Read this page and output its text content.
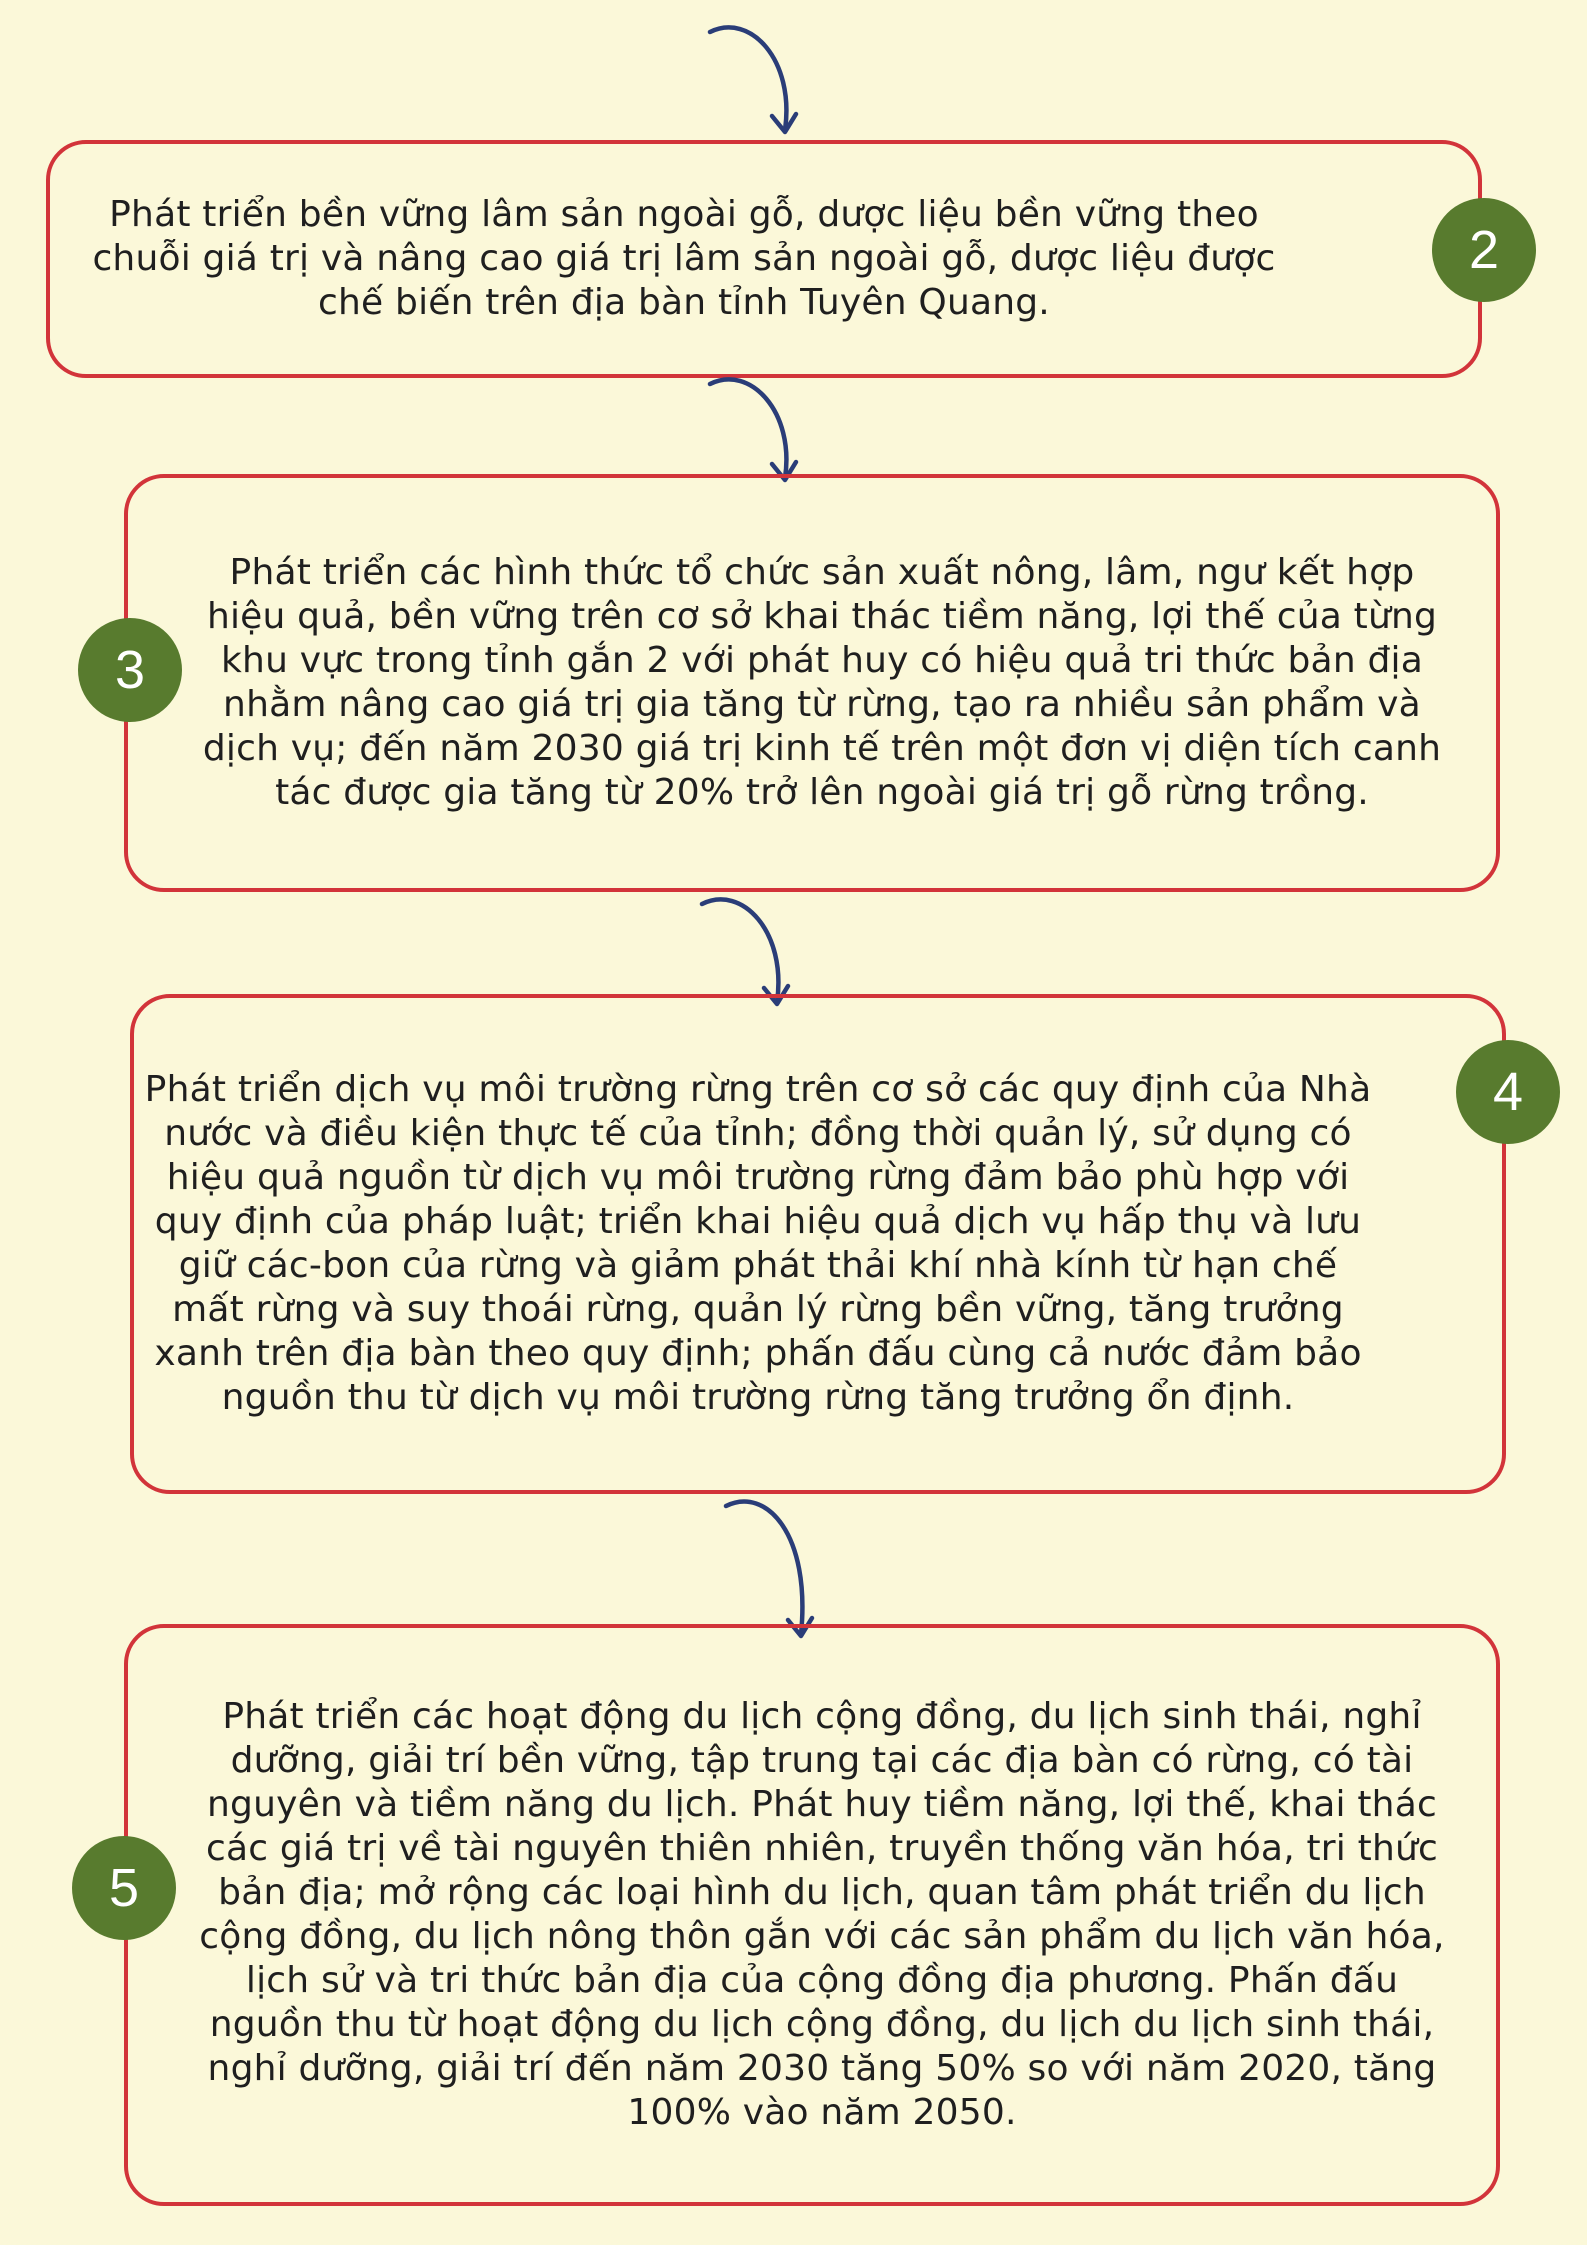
Phát triển bền vững lâm sản ngoài gỗ, dược liệu bền vững theo chuỗi giá trị và nâng cao giá trị lâm sản ngoài gỗ, dược liệu được chế biến trên địa bàn tỉnh Tuyên Quang.
2
Phát triển các hình thức tổ chức sản xuất nông, lâm, ngư kết hợp hiệu quả, bền vững trên cơ sở khai thác tiềm năng, lợi thế của từng khu vực trong tỉnh gắn 2 với phát huy có hiệu quả tri thức bản địa nhằm nâng cao giá trị gia tăng từ rừng, tạo ra nhiều sản phẩm và dịch vụ; đến năm 2030 giá trị kinh tế trên một đơn vị diện tích canh tác được gia tăng từ 20% trở lên ngoài giá trị gỗ rừng trồng.
3
Phát triển dịch vụ môi trường rừng trên cơ sở các quy định của Nhà nước và điều kiện thực tế của tỉnh; đồng thời quản lý, sử dụng có hiệu quả nguồn từ dịch vụ môi trường rừng đảm bảo phù hợp với quy định của pháp luật; triển khai hiệu quả dịch vụ hấp thụ và lưu giữ các-bon của rừng và giảm phát thải khí nhà kính từ hạn chế mất rừng và suy thoái rừng, quản lý rừng bền vững, tăng trưởng xanh trên địa bàn theo quy định; phấn đấu cùng cả nước đảm bảo nguồn thu từ dịch vụ môi trường rừng tăng trưởng ổn định.
4
Phát triển các hoạt động du lịch cộng đồng, du lịch sinh thái, nghỉ dưỡng, giải trí bền vững, tập trung tại các địa bàn có rừng, có tài nguyên và tiềm năng du lịch. Phát huy tiềm năng, lợi thế, khai thác các giá trị về tài nguyên thiên nhiên, truyền thống văn hóa, tri thức bản địa; mở rộng các loại hình du lịch, quan tâm phát triển du lịch cộng đồng, du lịch nông thôn gắn với các sản phẩm du lịch văn hóa, lịch sử và tri thức bản địa của cộng đồng địa phương. Phấn đấu nguồn thu từ hoạt động du lịch cộng đồng, du lịch du lịch sinh thái, nghỉ dưỡng, giải trí đến năm 2030 tăng 50% so với năm 2020, tăng 100% vào năm 2050.
5
